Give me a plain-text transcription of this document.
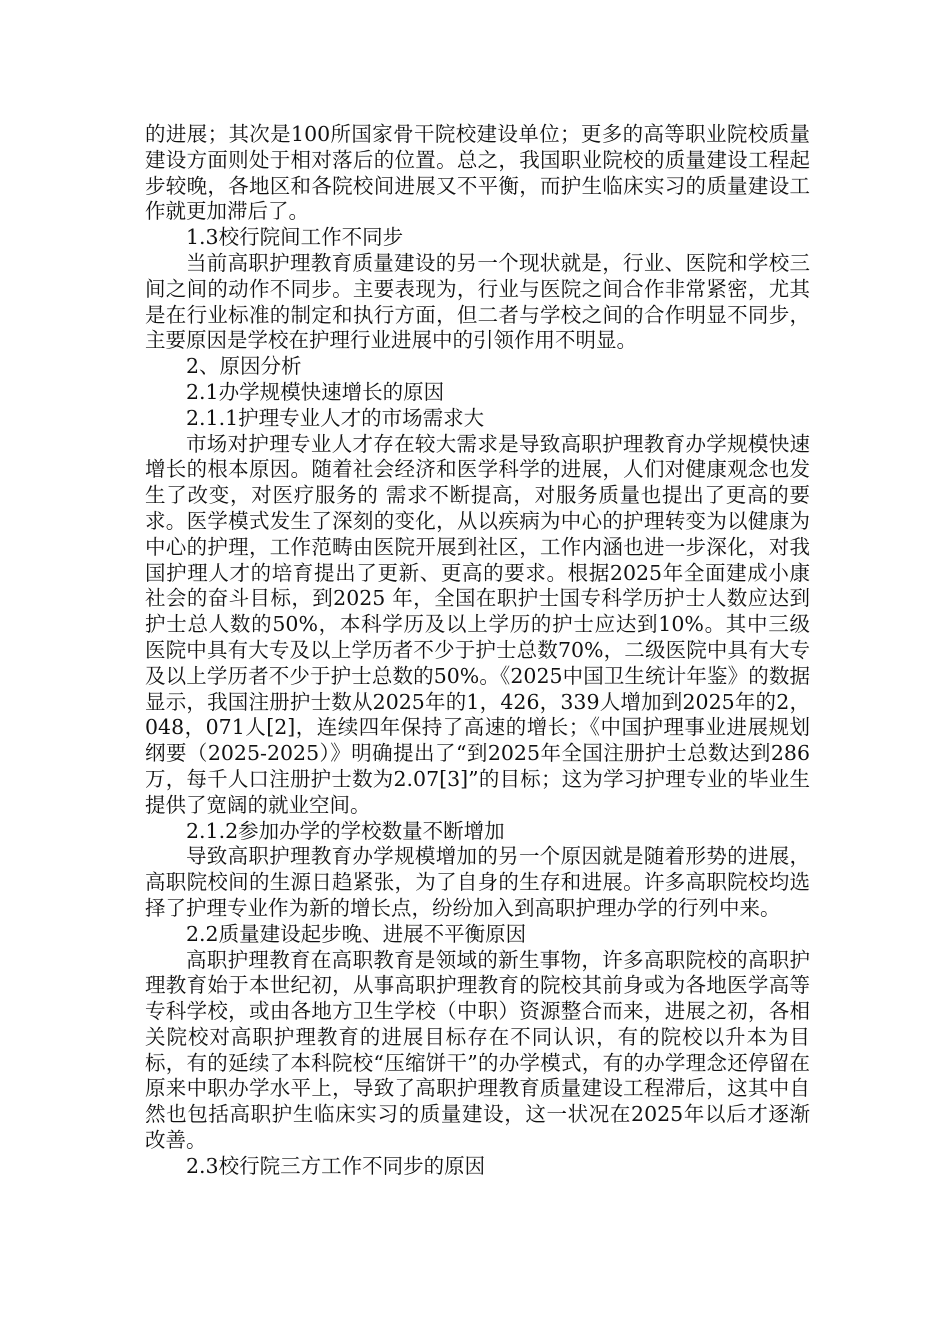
的进展；其次是100所国家骨干院校建设单位；更多的高等职业院校质量建设方面则处于相对落后的位置。总之，我国职业院校的质量建设工程起步较晚，各地区和各院校间进展又不平衡，而护生临床实习的质量建设工作就更加滞后了。

1.3校行院间工作不同步

当前高职护理教育质量建设的另一个现状就是，行业、医院和学校三间之间的动作不同步。主要表现为，行业与医院之间合作非常紧密，尤其是在行业标准的制定和执行方面，但二者与学校之间的合作明显不同步，主要原因是学校在护理行业进展中的引领作用不明显。

2、原因分析

2.1办学规模快速增长的原因

2.1.1护理专业人才的市场需求大

市场对护理专业人才存在较大需求是导致高职护理教育办学规模快速增长的根本原因。随着社会经济和医学科学的进展，人们对健康观念也发生了改变，对医疗服务的 需求不断提高，对服务质量也提出了更高的要求。医学模式发生了深刻的变化，从以疾病为中心的护理转变为以健康为中心的护理，工作范畴由医院开展到社区，工作内涵也进一步深化，对我国护理人才的培育提出了更新、更高的要求。根据2025年全面建成小康社会的奋斗目标，到2025 年，全国在职护士国专科学历护士人数应达到护士总人数的50%，本科学历及以上学历的护士应达到10%。其中三级医院中具有大专及以上学历者不少于护士总数70%，二级医院中具有大专及以上学历者不少于护士总数的50%。《2025中国卫生统计年鉴》的数据显示，我国注册护士数从2025年的1，426，339人增加到2025年的2，048，071人[2]，连续四年保持了高速的增长；《中国护理事业进展规划纲要（2025-2025）》明确提出了“到2025年全国注册护士总数达到286万，每千人口注册护士数为2.07[3]”的目标；这为学习护理专业的毕业生提供了宽阔的就业空间。

2.1.2参加办学的学校数量不断增加

导致高职护理教育办学规模增加的另一个原因就是随着形势的进展，高职院校间的生源日趋紧张，为了自身的生存和进展。许多高职院校均选择了护理专业作为新的增长点，纷纷加入到高职护理办学的行列中来。

2.2质量建设起步晚、进展不平衡原因

高职护理教育在高职教育是领域的新生事物，许多高职院校的高职护理教育始于本世纪初，从事高职护理教育的院校其前身或为各地医学高等专科学校，或由各地方卫生学校（中职）资源整合而来，进展之初，各相关院校对高职护理教育的进展目标存在不同认识，有的院校以升本为目标，有的延续了本科院校“压缩饼干”的办学模式，有的办学理念还停留在原来中职办学水平上，导致了高职护理教育质量建设工程滞后，这其中自然也包括高职护生临床实习的质量建设，这一状况在2025年以后才逐渐改善。

2.3校行院三方工作不同步的原因
